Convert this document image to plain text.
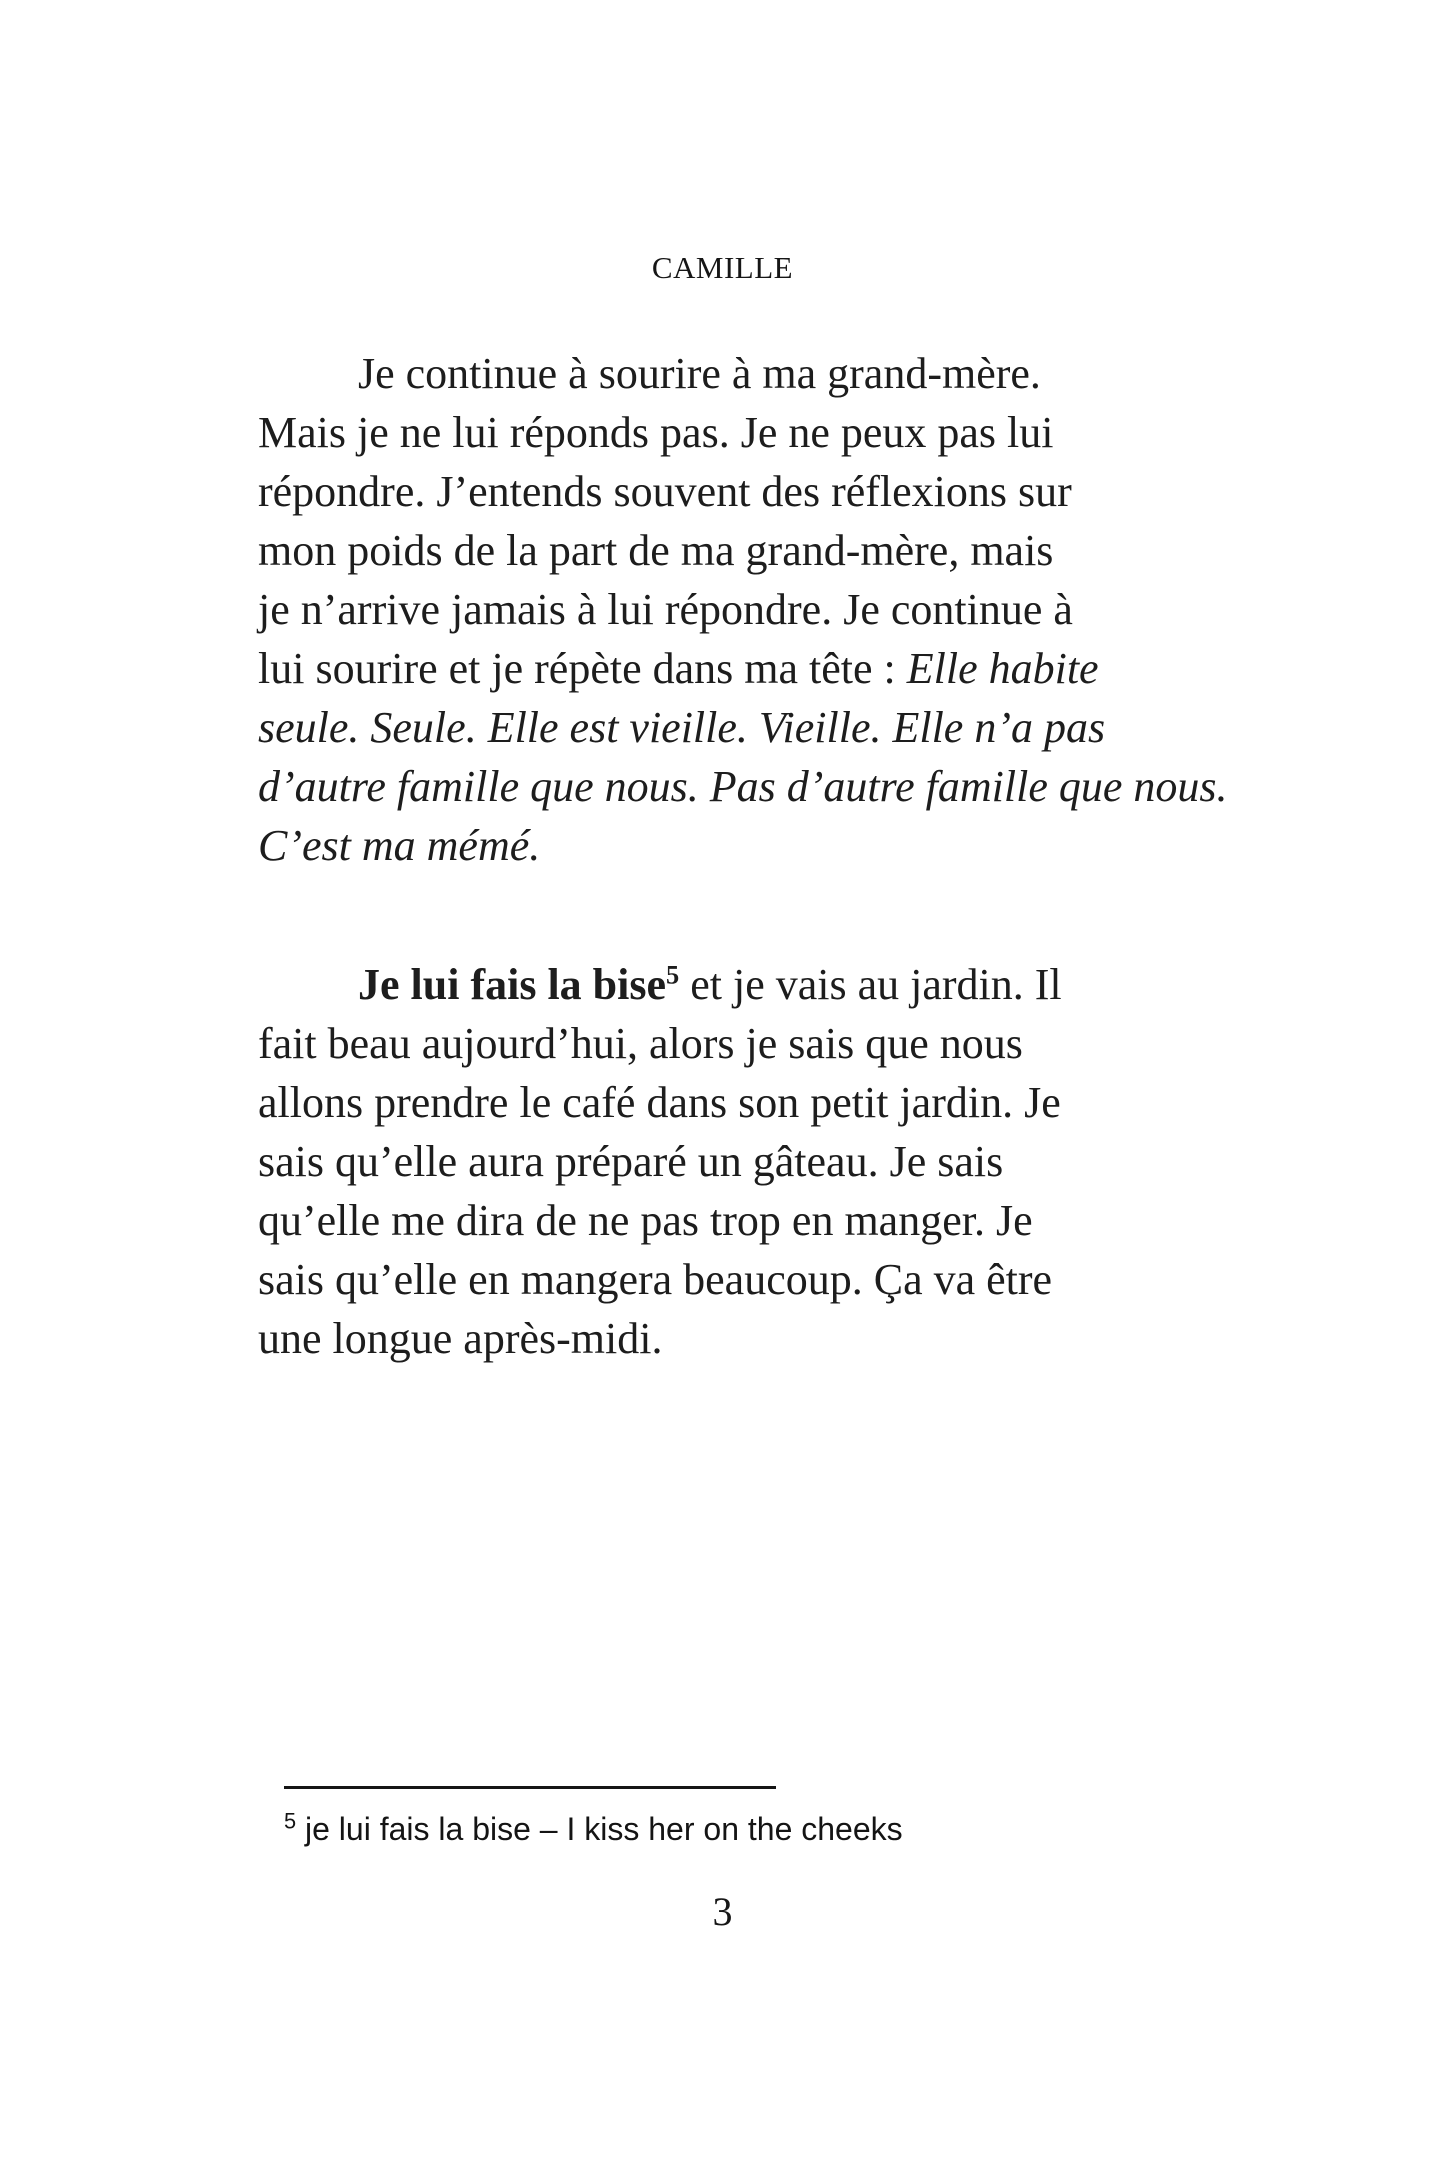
CAMILLE

Je continue à sourire à ma grand-mère.
Mais je ne lui réponds pas. Je ne peux pas lui
répondre. J’entends souvent des réflexions sur
mon poids de la part de ma grand-mère, mais
je n’arrive jamais à lui répondre. Je continue à
lui sourire et je répète dans ma tête : Elle habite
seule. Seule. Elle est vieille. Vieille. Elle n’a pas
d’autre famille que nous. Pas d’autre famille que nous.
C’est ma mémé.

Je lui fais la bise$^5$ et je vais au jardin. Il
fait beau aujourd’hui, alors je sais que nous
allons prendre le café dans son petit jardin. Je
sais qu’elle aura préparé un gâteau. Je sais
qu’elle me dira de ne pas trop en manger. Je
sais qu’elle en mangera beaucoup. Ça va être
une longue après-midi.

$^5$ je lui fais la bise – I kiss her on the cheeks

3
